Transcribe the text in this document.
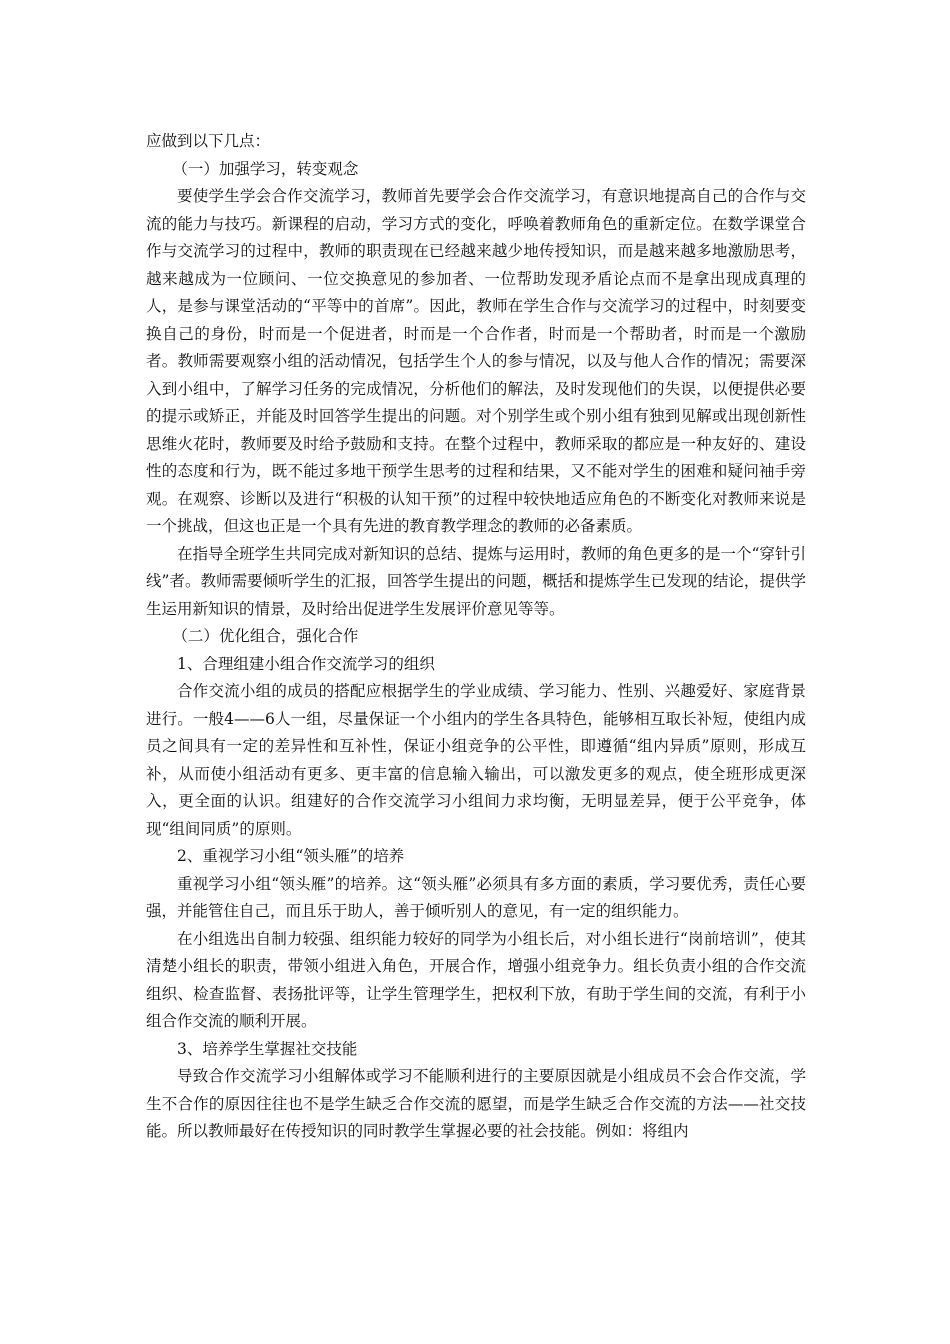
应做到以下几点：

（一）加强学习，转变观念

要使学生学会合作交流学习，教师首先要学会合作交流学习，有意识地提高自己的合作与交流的能力与技巧。新课程的启动，学习方式的变化，呼唤着教师角色的重新定位。在数学课堂合作与交流学习的过程中，教师的职责现在已经越来越少地传授知识，而是越来越多地激励思考，越来越成为一位顾问、一位交换意见的参加者、一位帮助发现矛盾论点而不是拿出现成真理的人，是参与课堂活动的“平等中的首席”。因此，教师在学生合作与交流学习的过程中，时刻要变换自己的身份，时而是一个促进者，时而是一个合作者，时而是一个帮助者，时而是一个激励者。教师需要观察小组的活动情况，包括学生个人的参与情况，以及与他人合作的情况；需要深入到小组中，了解学习任务的完成情况，分析他们的解法，及时发现他们的失误，以便提供必要的提示或矫正，并能及时回答学生提出的问题。对个别学生或个别小组有独到见解或出现创新性思维火花时，教师要及时给予鼓励和支持。在整个过程中，教师采取的都应是一种友好的、建设性的态度和行为，既不能过多地干预学生思考的过程和结果，又不能对学生的困难和疑问袖手旁观。在观察、诊断以及进行“积极的认知干预”的过程中较快地适应角色的不断变化对教师来说是一个挑战，但这也正是一个具有先进的教育教学理念的教师的必备素质。

在指导全班学生共同完成对新知识的总结、提炼与运用时，教师的角色更多的是一个“穿针引线”者。教师需要倾听学生的汇报，回答学生提出的问题，概括和提炼学生已发现的结论，提供学生运用新知识的情景，及时给出促进学生发展评价意见等等。

（二）优化组合，强化合作

1、合理组建小组合作交流学习的组织

合作交流小组的成员的搭配应根据学生的学业成绩、学习能力、性别、兴趣爱好、家庭背景进行。一般4——6人一组，尽量保证一个小组内的学生各具特色，能够相互取长补短，使组内成员之间具有一定的差异性和互补性，保证小组竞争的公平性，即遵循“组内异质”原则，形成互补，从而使小组活动有更多、更丰富的信息输入输出，可以激发更多的观点，使全班形成更深入，更全面的认识。组建好的合作交流学习小组间力求均衡，无明显差异，便于公平竞争，体现“组间同质”的原则。

2、重视学习小组“领头雁”的培养

重视学习小组“领头雁”的培养。这“领头雁”必须具有多方面的素质，学习要优秀，责任心要强，并能管住自己，而且乐于助人，善于倾听别人的意见，有一定的组织能力。

在小组选出自制力较强、组织能力较好的同学为小组长后，对小组长进行“岗前培训”，使其清楚小组长的职责，带领小组进入角色，开展合作，增强小组竞争力。组长负责小组的合作交流组织、检查监督、表扬批评等，让学生管理学生，把权利下放，有助于学生间的交流，有利于小组合作交流的顺利开展。

3、培养学生掌握社交技能

导致合作交流学习小组解体或学习不能顺利进行的主要原因就是小组成员不会合作交流，学生不合作的原因往往也不是学生缺乏合作交流的愿望，而是学生缺乏合作交流的方法——社交技能。所以教师最好在传授知识的同时教学生掌握必要的社会技能。例如：将组内
